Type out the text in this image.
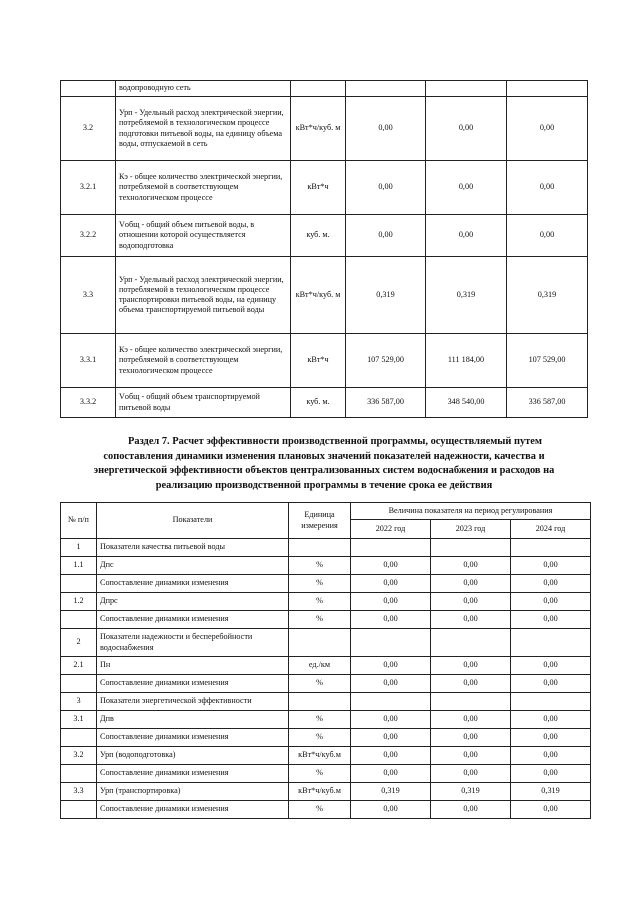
	водопроводную сеть				
3.2	Урп - Удельный расход электрической энергии, потребляемой в технологическом процессе подготовки питьевой воды, на единицу объема воды, отпускаемой в сеть	кВт*ч/куб. м	0,00	0,00	0,00
3.2.1	Кэ - общее количество электрической энергии, потребляемой в соответствующем технологическом процессе	кВт*ч	0,00	0,00	0,00
3.2.2	Vобщ - общий объем питьевой воды, в отношении которой осуществляется водоподготовка	куб. м.	0,00	0,00	0,00
3.3	Урп - Удельный расход электрической энергии, потребляемой в технологическом процессе транспортировки питьевой воды, на единицу объема транспортируемой питьевой воды	кВт*ч/куб. м	0,319	0,319	0,319
3.3.1	Кэ - общее количество электрической энергии, потребляемой в соответствующем технологическом процессе	кВт*ч	107 529,00	111 184,00	107 529,00
3.3.2	Vобщ - общий объем транспортируемой питьевой воды	куб. м.	336 587,00	348 540,00	336 587,00
Раздел 7. Расчет эффективности производственной программы, осуществляемый путем
сопоставления динамики изменения плановых значений показателей надежности, качества и
энергетической эффективности объектов централизованных систем водоснабжения и расходов на
реализацию производственной программы в течение срока ее действия
№ п/п	Показатели	Единица измерения	Величина показателя на период регулирования		
			2022 год	2023 год	2024 год
1	Показатели качества питьевой воды				
1.1	Дпс	%	0,00	0,00	0,00
	Сопоставление динамики изменения	%	0,00	0,00	0,00
1.2	Дпрс	%	0,00	0,00	0,00
	Сопоставление динамики изменения	%	0,00	0,00	0,00
2	Показатели надежности и бесперебойности водоснабжения				
2.1	Пн	ед./км	0,00	0,00	0,00
	Сопоставление динамики изменения	%	0,00	0,00	0,00
3	Показатели энергетической эффективности				
3.1	Дпв	%	0,00	0,00	0,00
	Сопоставление динамики изменения	%	0,00	0,00	0,00
3.2	Урп (водоподготовка)	кВт*ч/куб.м	0,00	0,00	0,00
	Сопоставление динамики изменения	%	0,00	0,00	0,00
3.3	Урп (транспортировка)	кВт*ч/куб.м	0,319	0,319	0,319
	Сопоставление динамики изменения	%	0,00	0,00	0,00
